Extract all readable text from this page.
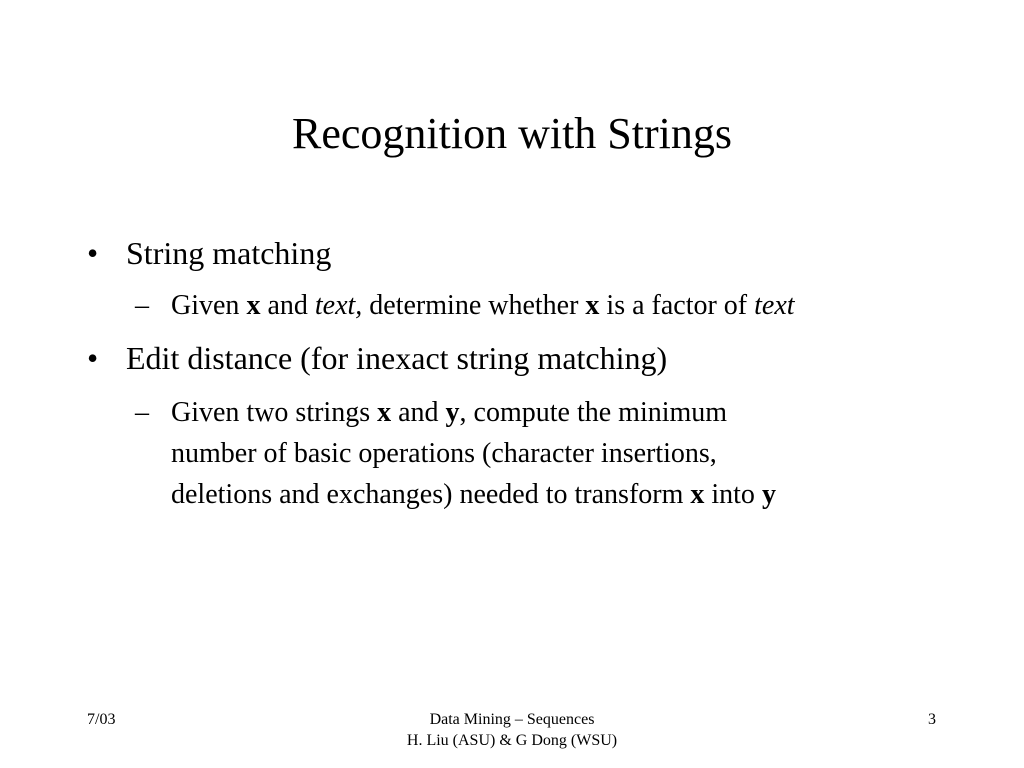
Recognition with Strings
• String matching
– Given x and text, determine whether x is a factor of text
• Edit distance (for inexact string matching)
– Given two strings x and y, compute the minimum
number of basic operations (character insertions,
deletions and exchanges) needed to transform x into y
7/03	Data Mining – Sequences
H. Liu (ASU) & G Dong (WSU)
3
